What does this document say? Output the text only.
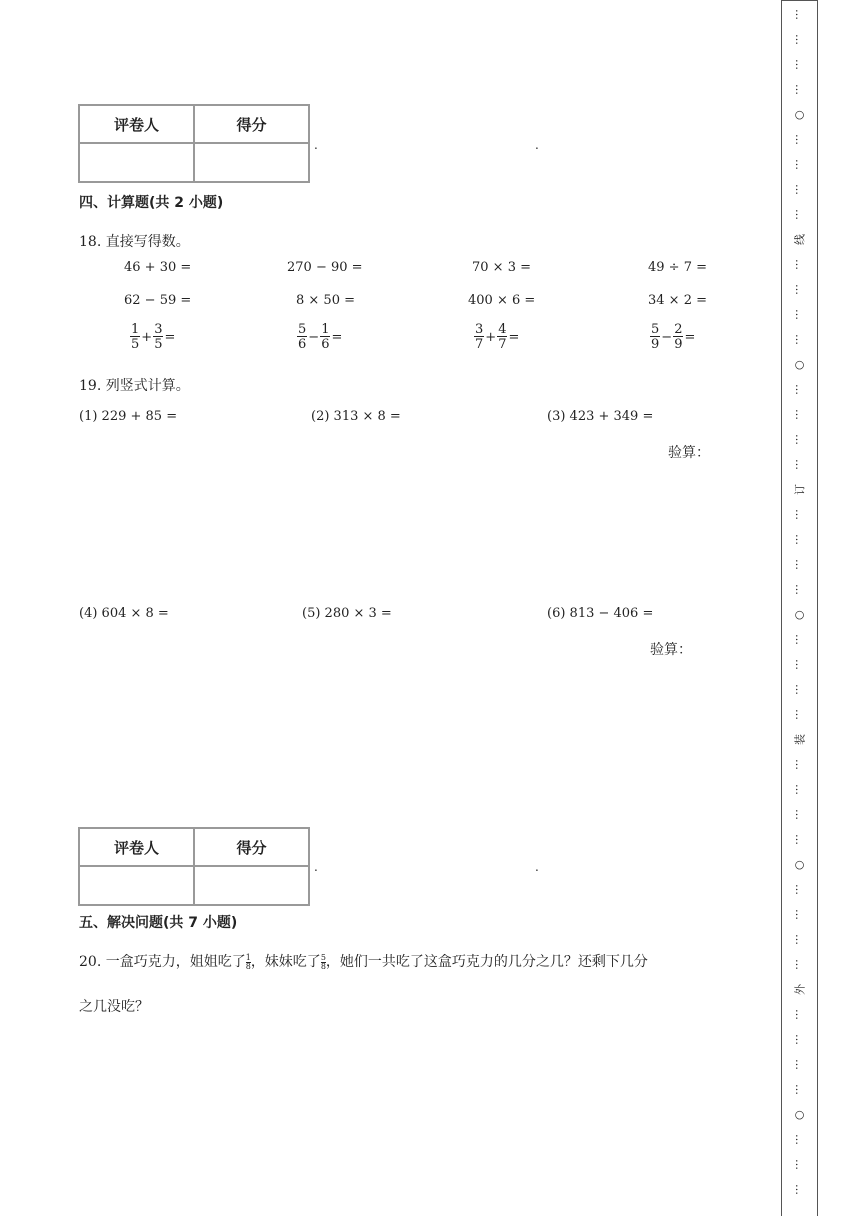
评卷人	得分

.	.
四、计算题(共 2 小题)
18. 直接写得数。
46 + 30 =	270 − 90 =	70 × 3 =	49 ÷ 7 =
62 − 59 =	8 × 50 =	400 × 6 =	34 × 2 =
$\frac{1}{5} + \frac{3}{5}$ =	$\frac{5}{6} - \frac{1}{6}$ =	$\frac{3}{7} + \frac{4}{7}$ =	$\frac{5}{9} - \frac{2}{9}$ =
19. 列竖式计算。
(1) 229 + 85 =	(2) 313 × 8 =	(3) 423 + 349 =
验算：
(4) 604 × 8 =	(5) 280 × 3 =	(6) 813 − 406 =
验算：
评卷人	得分

.	.
五、解决问题(共 7 小题)
20. 一盒巧克力，姐姐吃了 $\frac{1}{8}$ ，妹妹吃了 $\frac{5}{8}$ ，她们一共吃了这盒巧克力的几分之几？还剩下几分
之几没吃？
…
…
…
…
○
…
…
…
…
线
…
…
…
…
○
…
…
…
…
订
…
…
…
…
○
…
…
…
…
装
…
…
…
…
○
…
…
…
…
外
…
…
…
…
○
…
…
…
